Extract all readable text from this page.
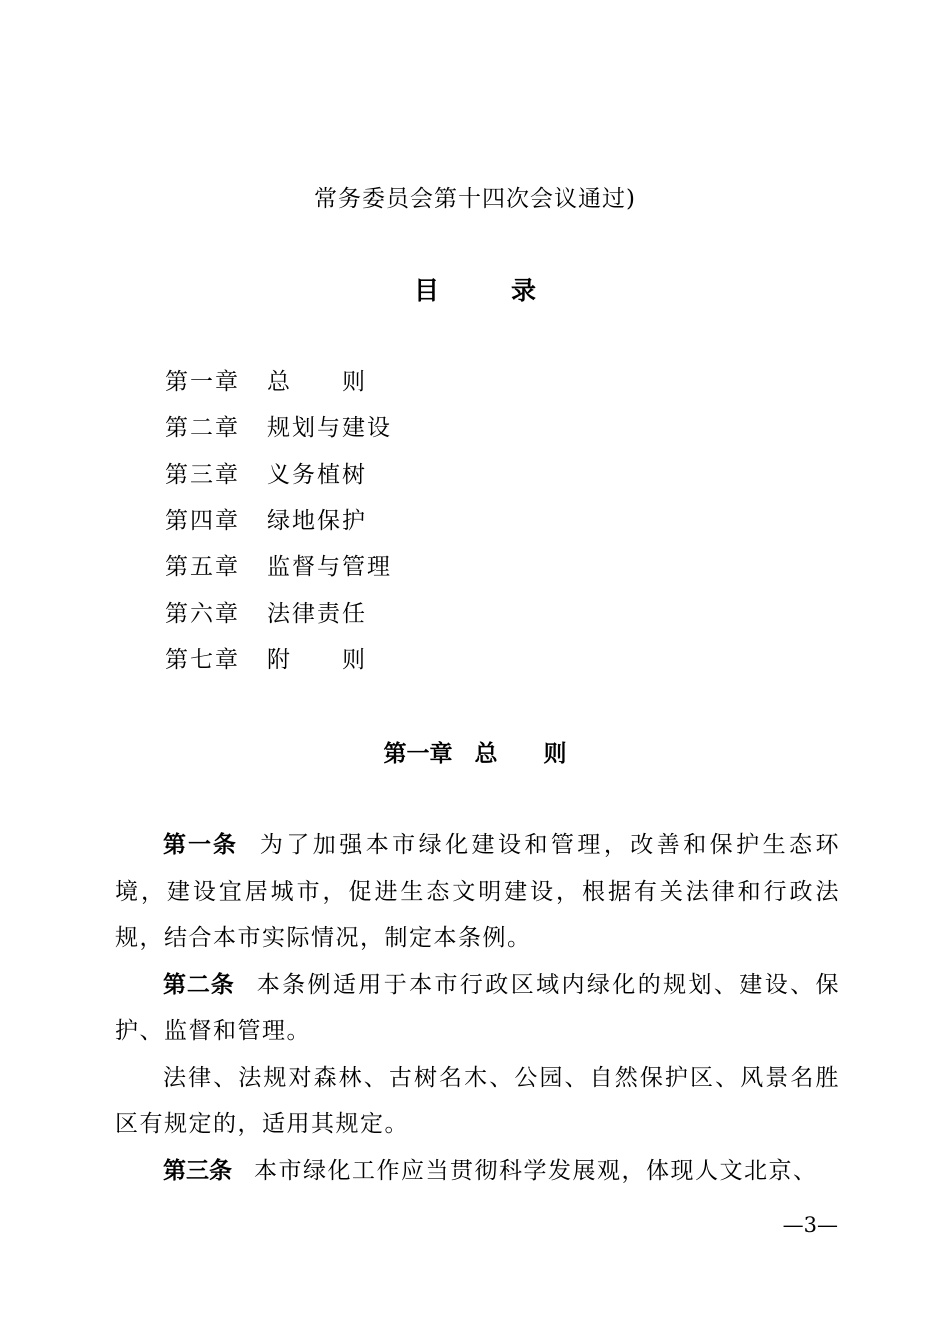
常务委员会第十四次会议通过)
目	录
第一章 总　　则
第二章 规划与建设
第三章 义务植树
第四章 绿地保护
第五章 监督与管理
第六章 法律责任
第七章 附　　则
第一章 总　　则

第一条 为了加强本市绿化建设和管理，改善和保护生态环境，建设宜居城市，促进生态文明建设，根据有关法律和行政法规，结合本市实际情况，制定本条例。

第二条 本条例适用于本市行政区域内绿化的规划、建设、保护、监督和管理。

法律、法规对森林、古树名木、公园、自然保护区、风景名胜区有规定的，适用其规定。

第三条 本市绿化工作应当贯彻科学发展观，体现人文北京、

—3—
